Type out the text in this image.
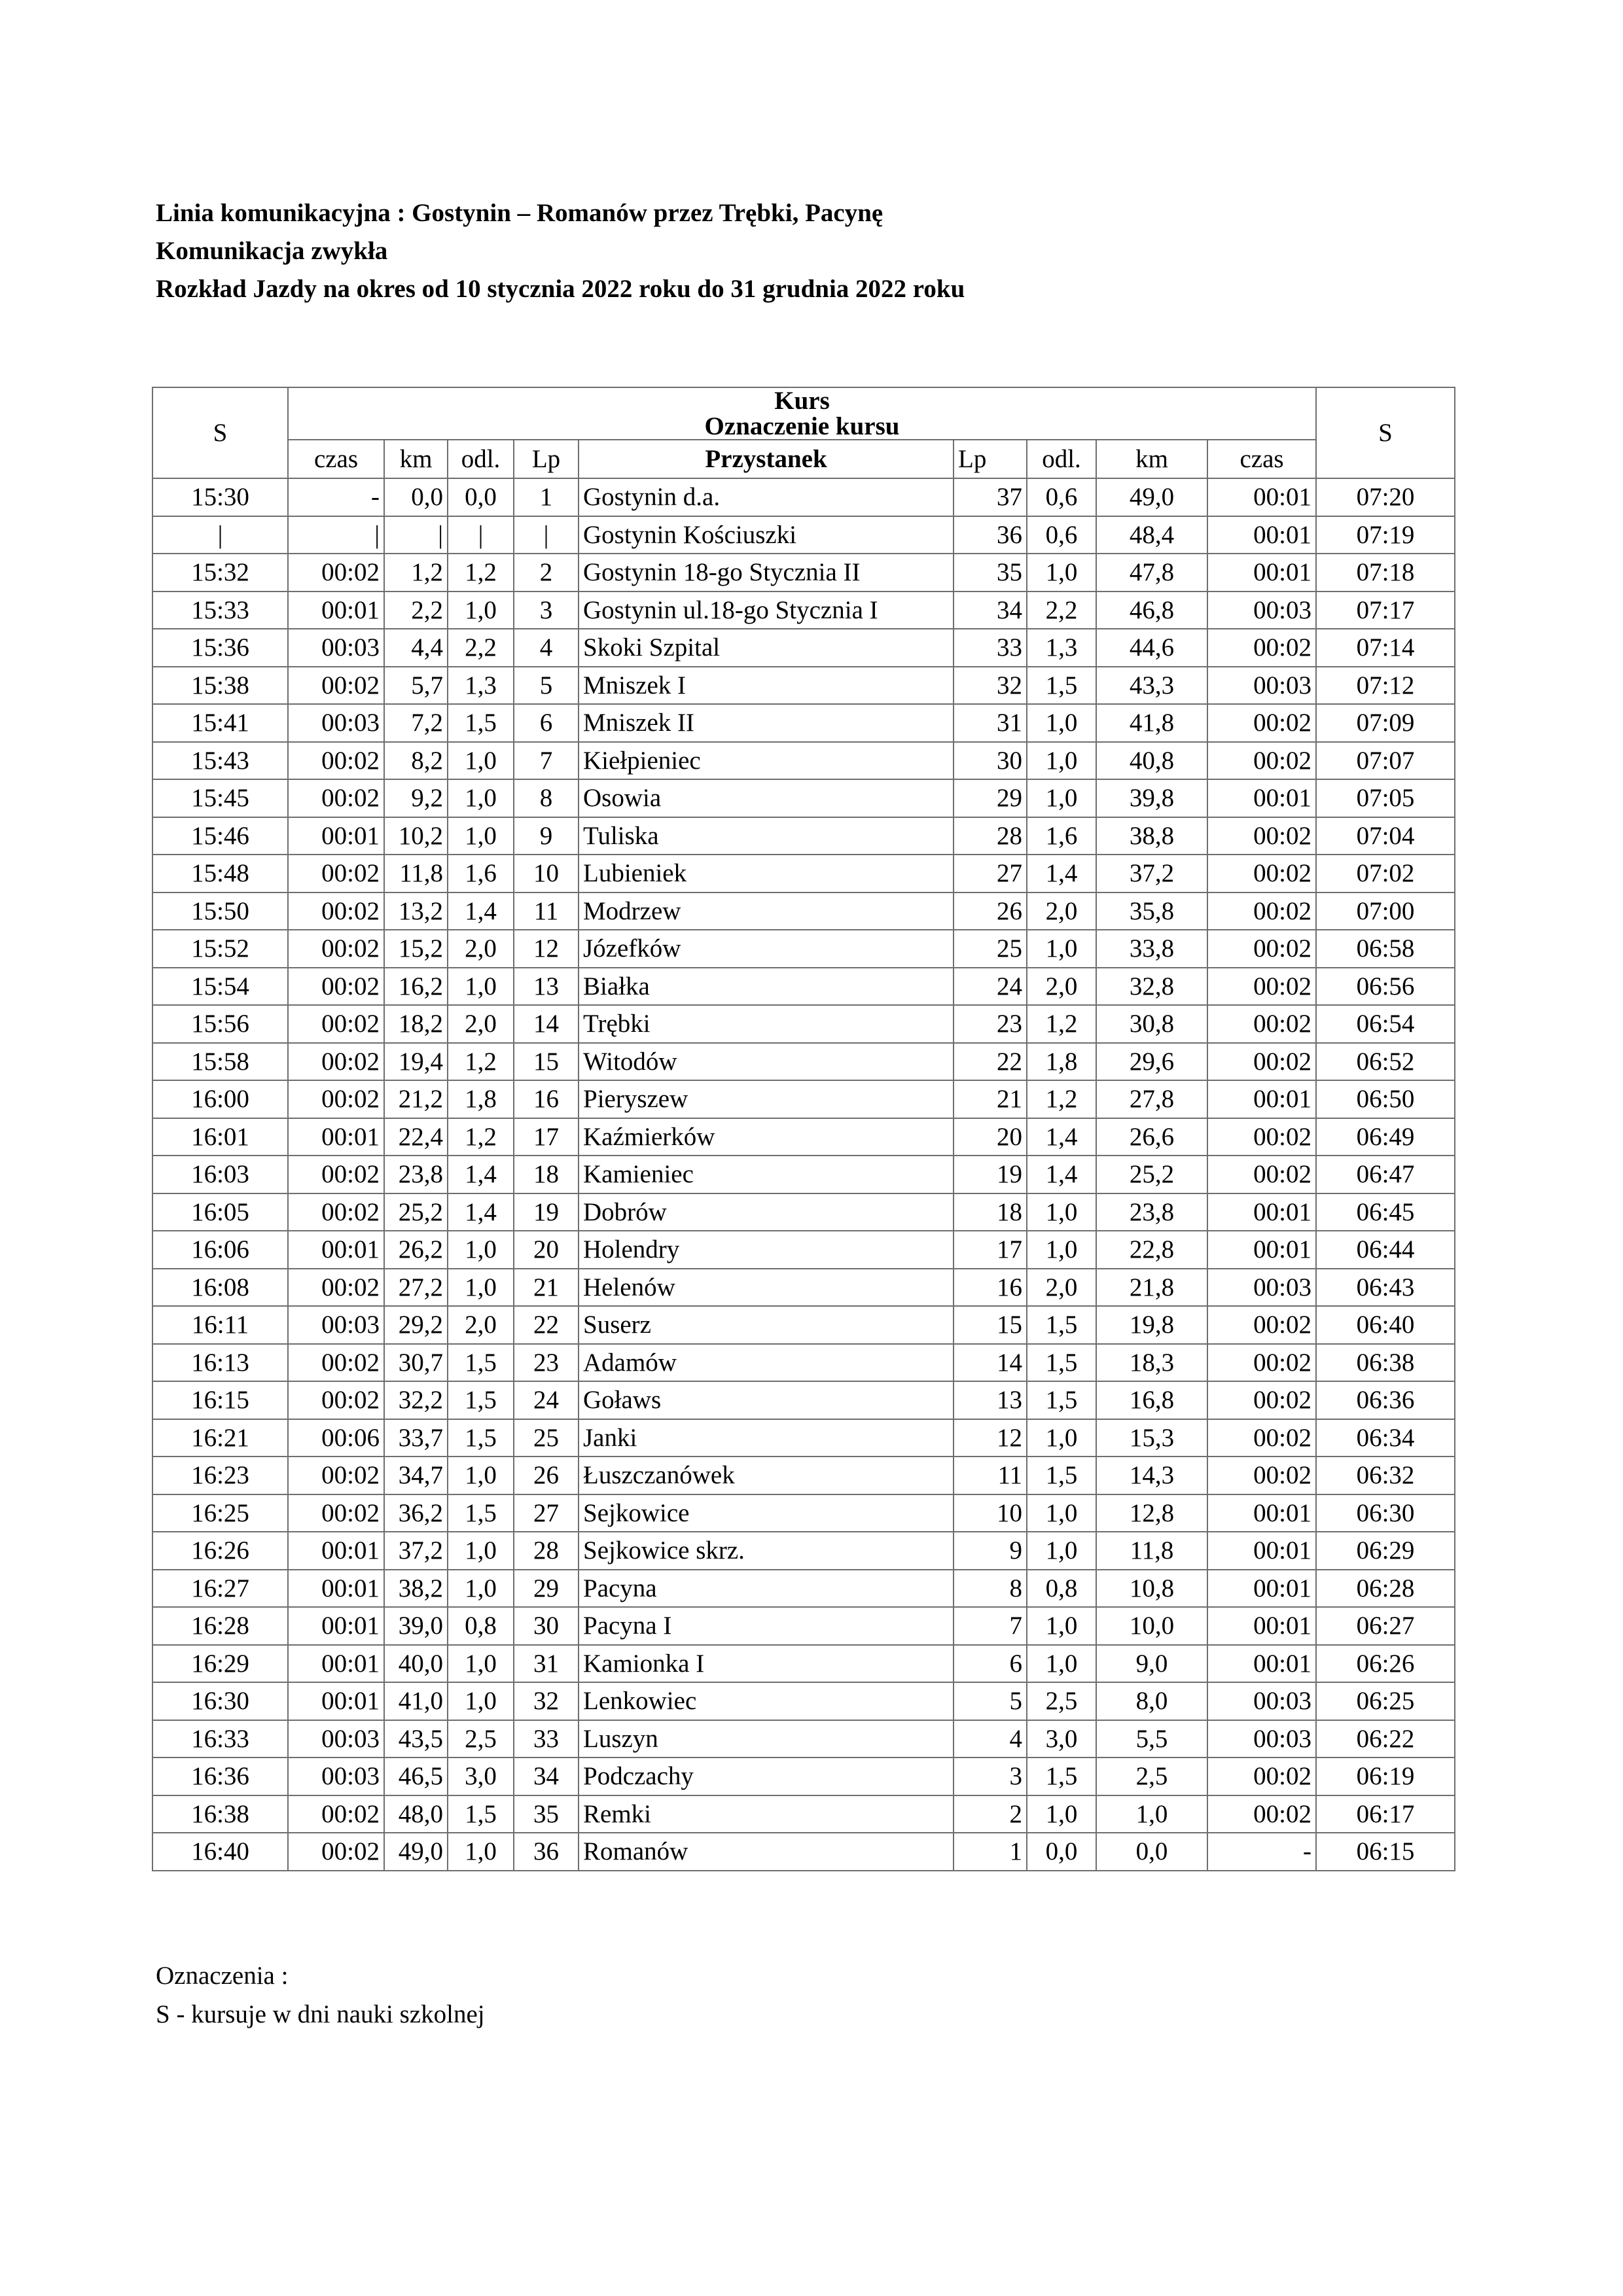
Linia komunikacyjna : Gostynin – Romanów przez Trębki, Pacynę
Komunikacja zwykła
Rozkład Jazdy na okres od 10 stycznia 2022 roku do 31 grudnia 2022 roku
S	Kurs
Oznaczenie kursu									S

	czas	km	odl.	Lp	Przystanek	Lp	odl.	km	czas	
15:30	-	0,0	0,0	1	Gostynin d.a.	37	0,6	49,0	00:01	07:20
|	|	|	|	|	Gostynin Kościuszki	36	0,6	48,4	00:01	07:19
15:32	00:02	1,2	1,2	2	Gostynin 18-go Stycznia II	35	1,0	47,8	00:01	07:18
15:33	00:01	2,2	1,0	3	Gostynin ul.18-go Stycznia I	34	2,2	46,8	00:03	07:17
15:36	00:03	4,4	2,2	4	Skoki Szpital	33	1,3	44,6	00:02	07:14
15:38	00:02	5,7	1,3	5	Mniszek I	32	1,5	43,3	00:03	07:12
15:41	00:03	7,2	1,5	6	Mniszek II	31	1,0	41,8	00:02	07:09
15:43	00:02	8,2	1,0	7	Kiełpieniec	30	1,0	40,8	00:02	07:07
15:45	00:02	9,2	1,0	8	Osowia	29	1,0	39,8	00:01	07:05
15:46	00:01	10,2	1,0	9	Tuliska	28	1,6	38,8	00:02	07:04
15:48	00:02	11,8	1,6	10	Lubieniek	27	1,4	37,2	00:02	07:02
15:50	00:02	13,2	1,4	11	Modrzew	26	2,0	35,8	00:02	07:00
15:52	00:02	15,2	2,0	12	Józefków	25	1,0	33,8	00:02	06:58
15:54	00:02	16,2	1,0	13	Białka	24	2,0	32,8	00:02	06:56
15:56	00:02	18,2	2,0	14	Trębki	23	1,2	30,8	00:02	06:54
15:58	00:02	19,4	1,2	15	Witodów	22	1,8	29,6	00:02	06:52
16:00	00:02	21,2	1,8	16	Pieryszew	21	1,2	27,8	00:01	06:50
16:01	00:01	22,4	1,2	17	Kaźmierków	20	1,4	26,6	00:02	06:49
16:03	00:02	23,8	1,4	18	Kamieniec	19	1,4	25,2	00:02	06:47
16:05	00:02	25,2	1,4	19	Dobrów	18	1,0	23,8	00:01	06:45
16:06	00:01	26,2	1,0	20	Holendry	17	1,0	22,8	00:01	06:44
16:08	00:02	27,2	1,0	21	Helenów	16	2,0	21,8	00:03	06:43
16:11	00:03	29,2	2,0	22	Suserz	15	1,5	19,8	00:02	06:40
16:13	00:02	30,7	1,5	23	Adamów	14	1,5	18,3	00:02	06:38
16:15	00:02	32,2	1,5	24	Goławs	13	1,5	16,8	00:02	06:36
16:21	00:06	33,7	1,5	25	Janki	12	1,0	15,3	00:02	06:34
16:23	00:02	34,7	1,0	26	Łuszczanówek	11	1,5	14,3	00:02	06:32
16:25	00:02	36,2	1,5	27	Sejkowice	10	1,0	12,8	00:01	06:30
16:26	00:01	37,2	1,0	28	Sejkowice skrz.	9	1,0	11,8	00:01	06:29
16:27	00:01	38,2	1,0	29	Pacyna	8	0,8	10,8	00:01	06:28
16:28	00:01	39,0	0,8	30	Pacyna I	7	1,0	10,0	00:01	06:27
16:29	00:01	40,0	1,0	31	Kamionka I	6	1,0	9,0	00:01	06:26
16:30	00:01	41,0	1,0	32	Lenkowiec	5	2,5	8,0	00:03	06:25
16:33	00:03	43,5	2,5	33	Luszyn	4	3,0	5,5	00:03	06:22
16:36	00:03	46,5	3,0	34	Podczachy	3	1,5	2,5	00:02	06:19
16:38	00:02	48,0	1,5	35	Remki	2	1,0	1,0	00:02	06:17
16:40	00:02	49,0	1,0	36	Romanów	1	0,0	0,0	-	06:15
Oznaczenia :
S - kursuje w dni nauki szkolnej
